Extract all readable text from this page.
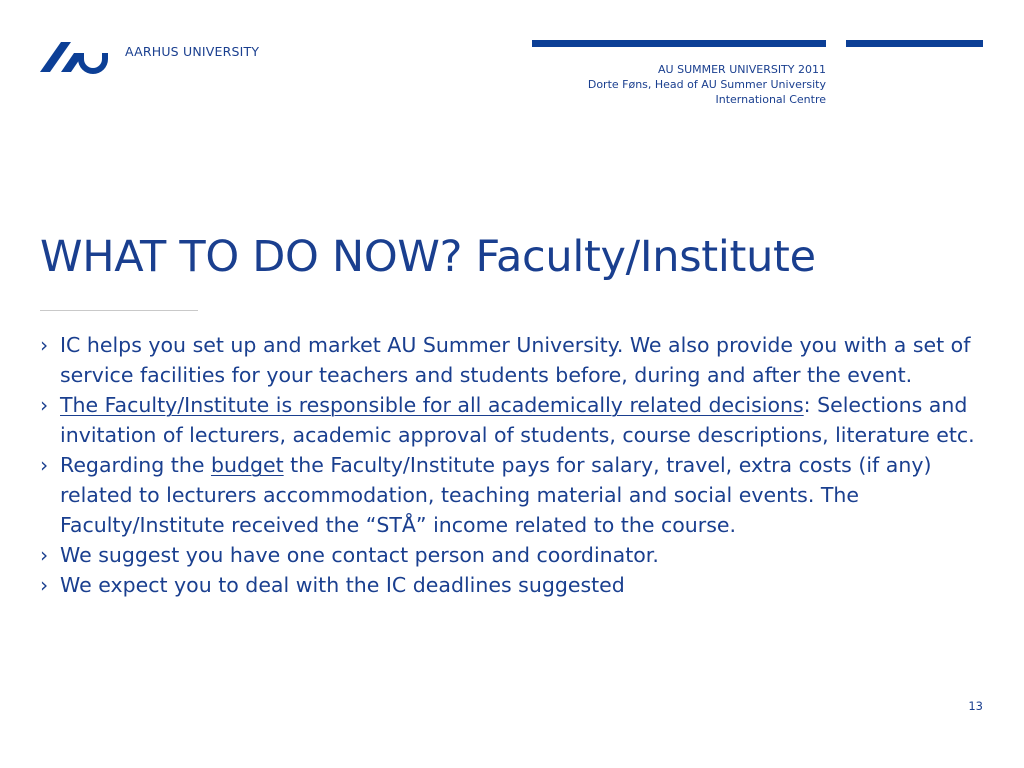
AARHUS UNIVERSITY
AU SUMMER UNIVERSITY 2011
Dorte Føns, Head of AU Summer University
International Centre
WHAT TO DO NOW? Faculty/Institute
› IC helps you set up and market AU Summer University. We also provide you with a set of service facilities for your teachers and students before, during and after the event.
› The Faculty/Institute is responsible for all academically related decisions: Selections and invitation of lecturers, academic approval of students, course descriptions, literature etc.
› Regarding the budget the Faculty/Institute pays for salary, travel, extra costs (if any) related to lecturers accommodation, teaching material and social events. The Faculty/Institute received the “STÅ” income related to the course.
› We suggest you have one contact person and coordinator.
› We expect you to deal with the IC deadlines suggested
13
